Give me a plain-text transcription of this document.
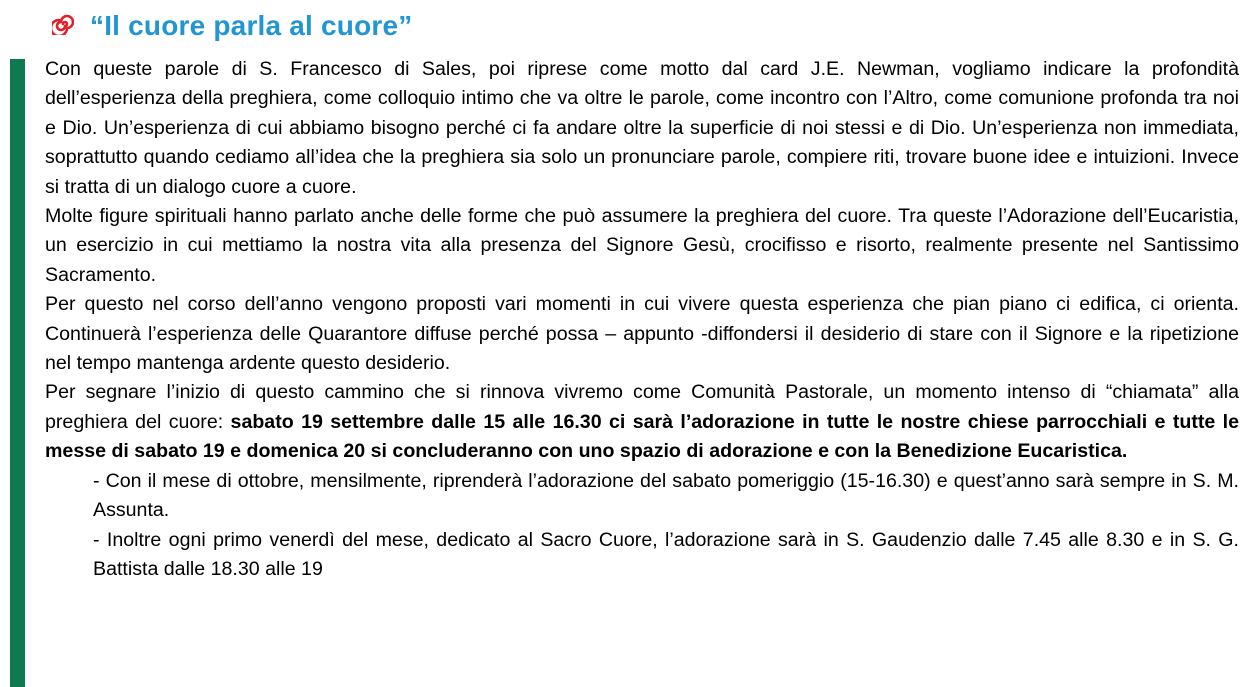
“Il cuore parla al cuore”

Con queste parole di S. Francesco di Sales, poi riprese come motto dal card J.E. Newman, vogliamo indicare la profondità dell’esperienza della preghiera, come colloquio intimo che va oltre le parole, come incontro con l’Altro, come comunione profonda tra noi e Dio. Un’esperienza di cui abbiamo bisogno perché ci fa andare oltre la superficie di noi stessi e di Dio. Un’esperienza non immediata, soprattutto quando cediamo all’idea che la preghiera sia solo un pronunciare parole, compiere riti, trovare buone idee e intuizioni. Invece si tratta di un dialogo cuore a cuore.

Molte figure spirituali hanno parlato anche delle forme che può assumere la preghiera del cuore. Tra queste l’Adorazione dell’Eucaristia, un esercizio in cui mettiamo la nostra vita alla presenza del Signore Gesù, crocifisso e risorto, realmente presente nel Santissimo Sacramento.

Per questo nel corso dell’anno vengono proposti vari momenti in cui vivere questa esperienza che pian piano ci edifica, ci orienta. Continuerà l’esperienza delle Quarantore diffuse perché possa – appunto -diffondersi il desiderio di stare con il Signore e la ripetizione nel tempo mantenga ardente questo desiderio.

Per segnare l’inizio di questo cammino che si rinnova vivremo come Comunità Pastorale, un momento intenso di “chiamata” alla preghiera del cuore: sabato 19 settembre dalle 15 alle 16.30 ci sarà l’adorazione in tutte le nostre chiese parrocchiali e tutte le messe di sabato 19 e domenica 20 si concluderanno con uno spazio di adorazione e con la Benedizione Eucaristica.

- Con il mese di ottobre, mensilmente, riprenderà l’adorazione del sabato pomeriggio (15-16.30) e quest’anno sarà sempre in S. M. Assunta.

- Inoltre ogni primo venerdì del mese, dedicato al Sacro Cuore, l’adorazione sarà in S. Gaudenzio dalle 7.45 alle 8.30 e in S. G. Battista dalle 18.30 alle 19
